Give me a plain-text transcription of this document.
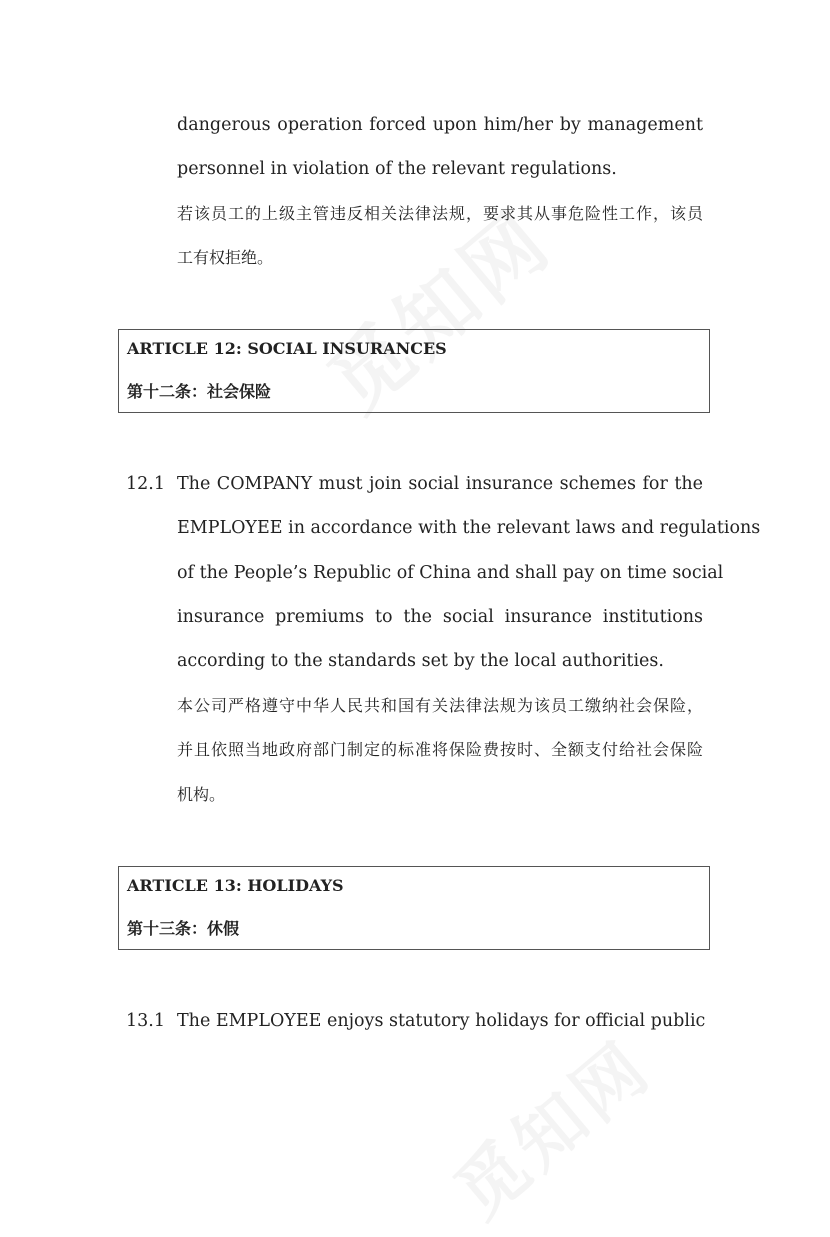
dangerous operation forced upon him/her by management
personnel in violation of the relevant regulations.
若该员工的上级主管违反相关法律法规，要求其从事危险性工作，该员
工有权拒绝。
ARTICLE 12: SOCIAL INSURANCES
第十二条：社会保险
12.1 The COMPANY must join social insurance schemes for the
EMPLOYEE in accordance with the relevant laws and regulations
of the People’s Republic of China and shall pay on time social
insurance premiums to the social insurance institutions
according to the standards set by the local authorities.
本公司严格遵守中华人民共和国有关法律法规为该员工缴纳社会保险，
并且依照当地政府部门制定的标准将保险费按时、全额支付给社会保险
机构。
ARTICLE 13: HOLIDAYS
第十三条：休假
13.1 The EMPLOYEE enjoys statutory holidays for official public
